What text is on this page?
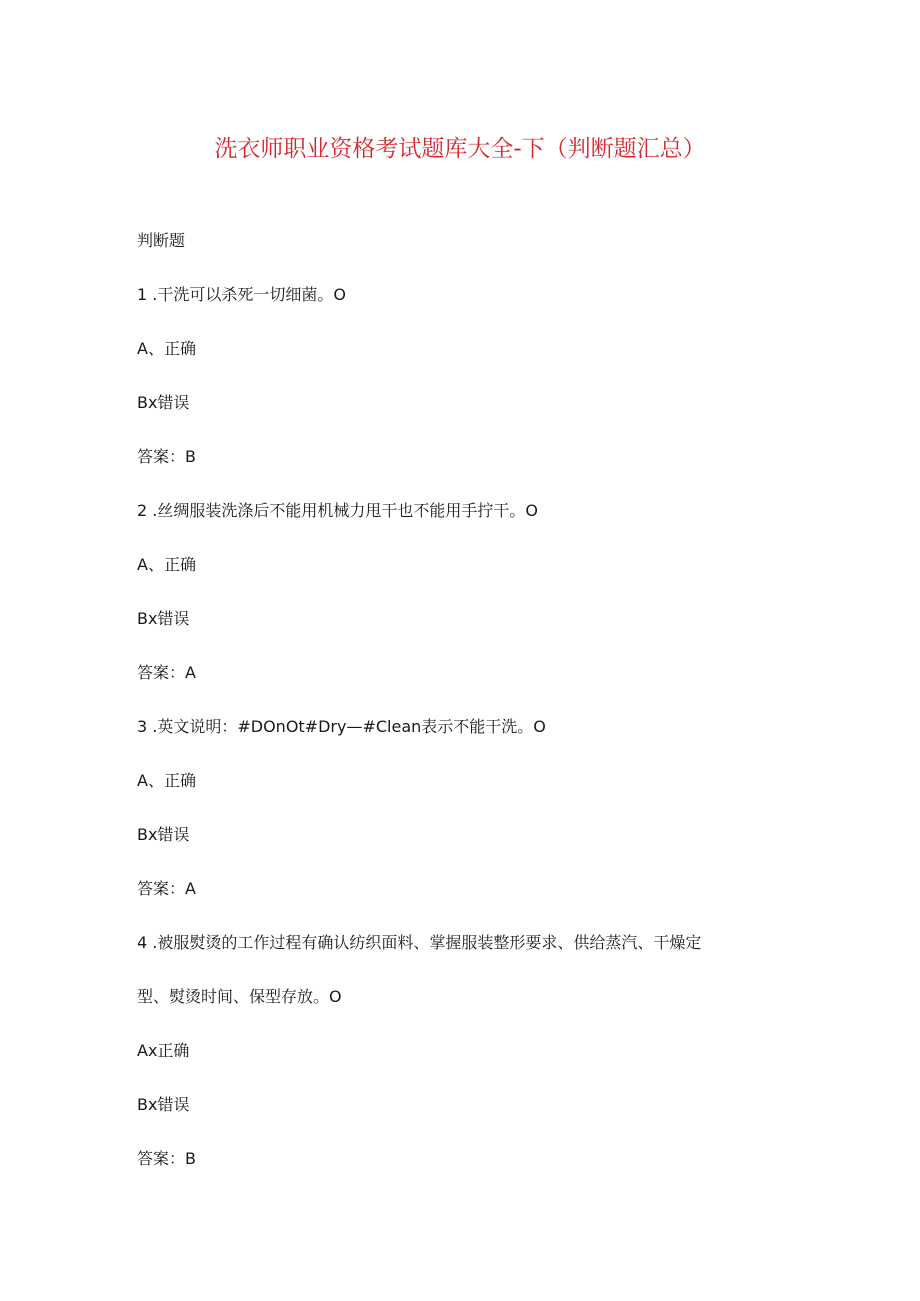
洗衣师职业资格考试题库大全-下（判断题汇总）
判断题
1 .干洗可以杀死一切细菌。O
A、正确
Bx错误
答案：B
2 .丝绸服装洗涤后不能用机械力甩干也不能用手拧干。O
A、正确
Bx错误
答案：A
3 .英文说明：#DOnOt#Dry—#Clean表示不能干洗。O
A、正确
Bx错误
答案：A
4 .被服熨烫的工作过程有确认纺织面料、掌握服装整形要求、供给蒸汽、干燥定
型、熨烫时间、保型存放。O
Ax正确
Bx错误
答案：B
